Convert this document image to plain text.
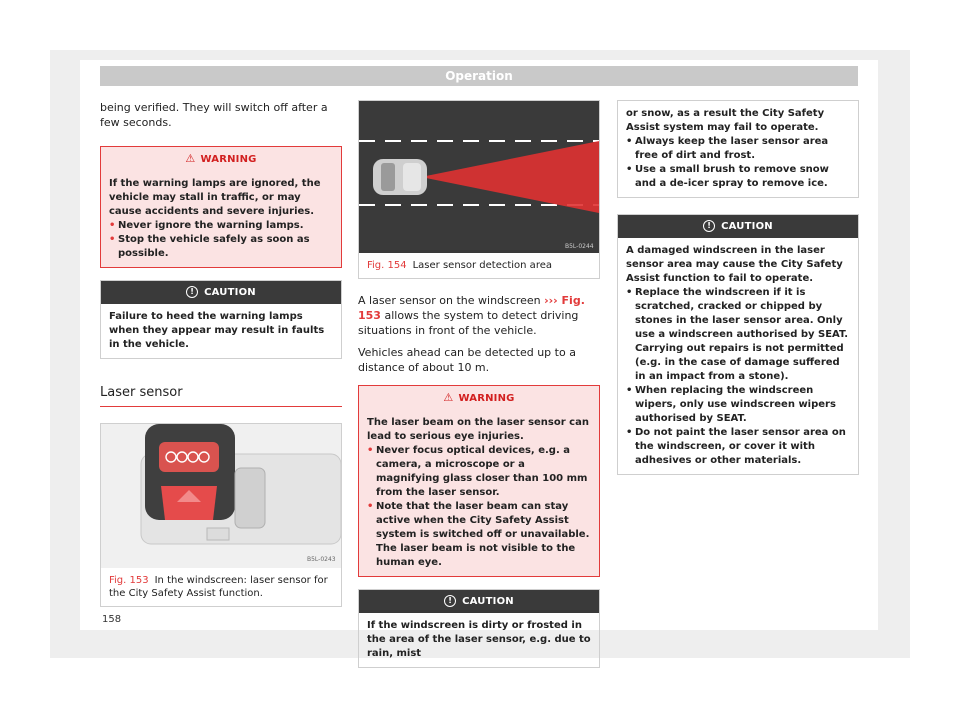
Operation

being verified. They will switch off after a few seconds.

⚠ WARNING
If the warning lamps are ignored, the vehicle may stall in traffic, or may cause accidents and severe injuries.
• Never ignore the warning lamps.
• Stop the vehicle safely as soon as possible.
! CAUTION
Failure to heed the warning lamps when they appear may result in faults in the vehicle.
Laser sensor
B5L-0243
Fig. 153 In the windscreen: laser sensor for the City Safety Assist function.
B5L-0244
Fig. 154 Laser sensor detection area

A laser sensor on the windscreen ››› Fig. 153 allows the system to detect driving situations in front of the vehicle.

Vehicles ahead can be detected up to a distance of about 10 m.

⚠ WARNING
The laser beam on the laser sensor can lead to serious eye injuries.
• Never focus optical devices, e.g. a camera, a microscope or a magnifying glass closer than 100 mm from the laser sensor.
• Note that the laser beam can stay active when the City Safety Assist system is switched off or unavailable. The laser beam is not visible to the human eye.
! CAUTION
If the windscreen is dirty or frosted in the area of the laser sensor, e.g. due to rain, mist
or snow, as a result the City Safety Assist system may fail to operate.
• Always keep the laser sensor area free of dirt and frost.
• Use a small brush to remove snow and a de-icer spray to remove ice.
! CAUTION
A damaged windscreen in the laser sensor area may cause the City Safety Assist function to fail to operate.
• Replace the windscreen if it is scratched, cracked or chipped by stones in the laser sensor area. Only use a windscreen authorised by SEAT. Carrying out repairs is not permitted (e.g. in the case of damage suffered in an impact from a stone).
• When replacing the windscreen wipers, only use windscreen wipers authorised by SEAT.
• Do not paint the laser sensor area on the windscreen, or cover it with adhesives or other materials.
158
